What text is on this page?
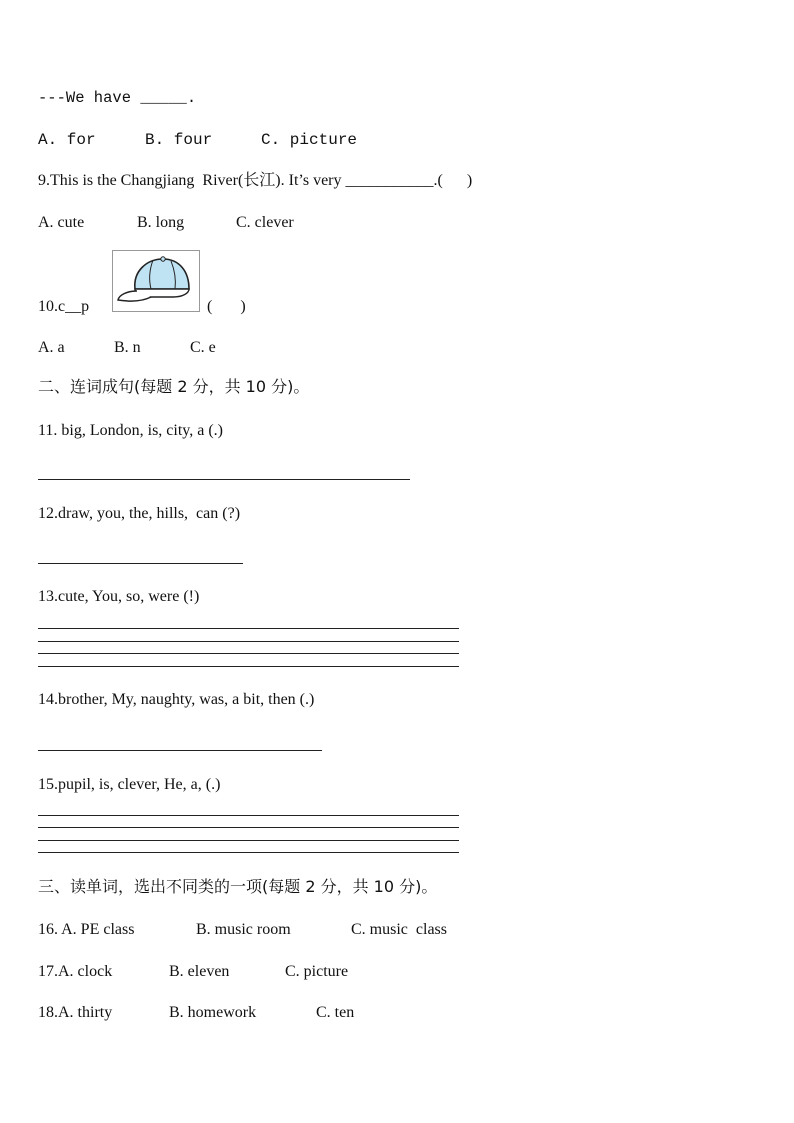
---We have _____.
A. for	B. four	C. picture
9.This is the Changjiang  River(长江). It’s very ___________.(      )
A. cute	B. long	C. clever
10.c__p	(       )
A. a	B. n	C. e
二、连词成句(每题 2 分，共 10 分)。
11. big, London, is, city, a (.)
12.draw, you, the, hills,  can (?)
13.cute, You, so, were (!)
14.brother, My, naughty, was, a bit, then (.)
15.pupil, is, clever, He, a, (.)
三、读单词，选出不同类的一项(每题 2 分，共 10 分)。
16. A. PE class	B. music room	C. music  class
17.A. clock	B. eleven	C. picture
18.A. thirty	B. homework	C. ten
